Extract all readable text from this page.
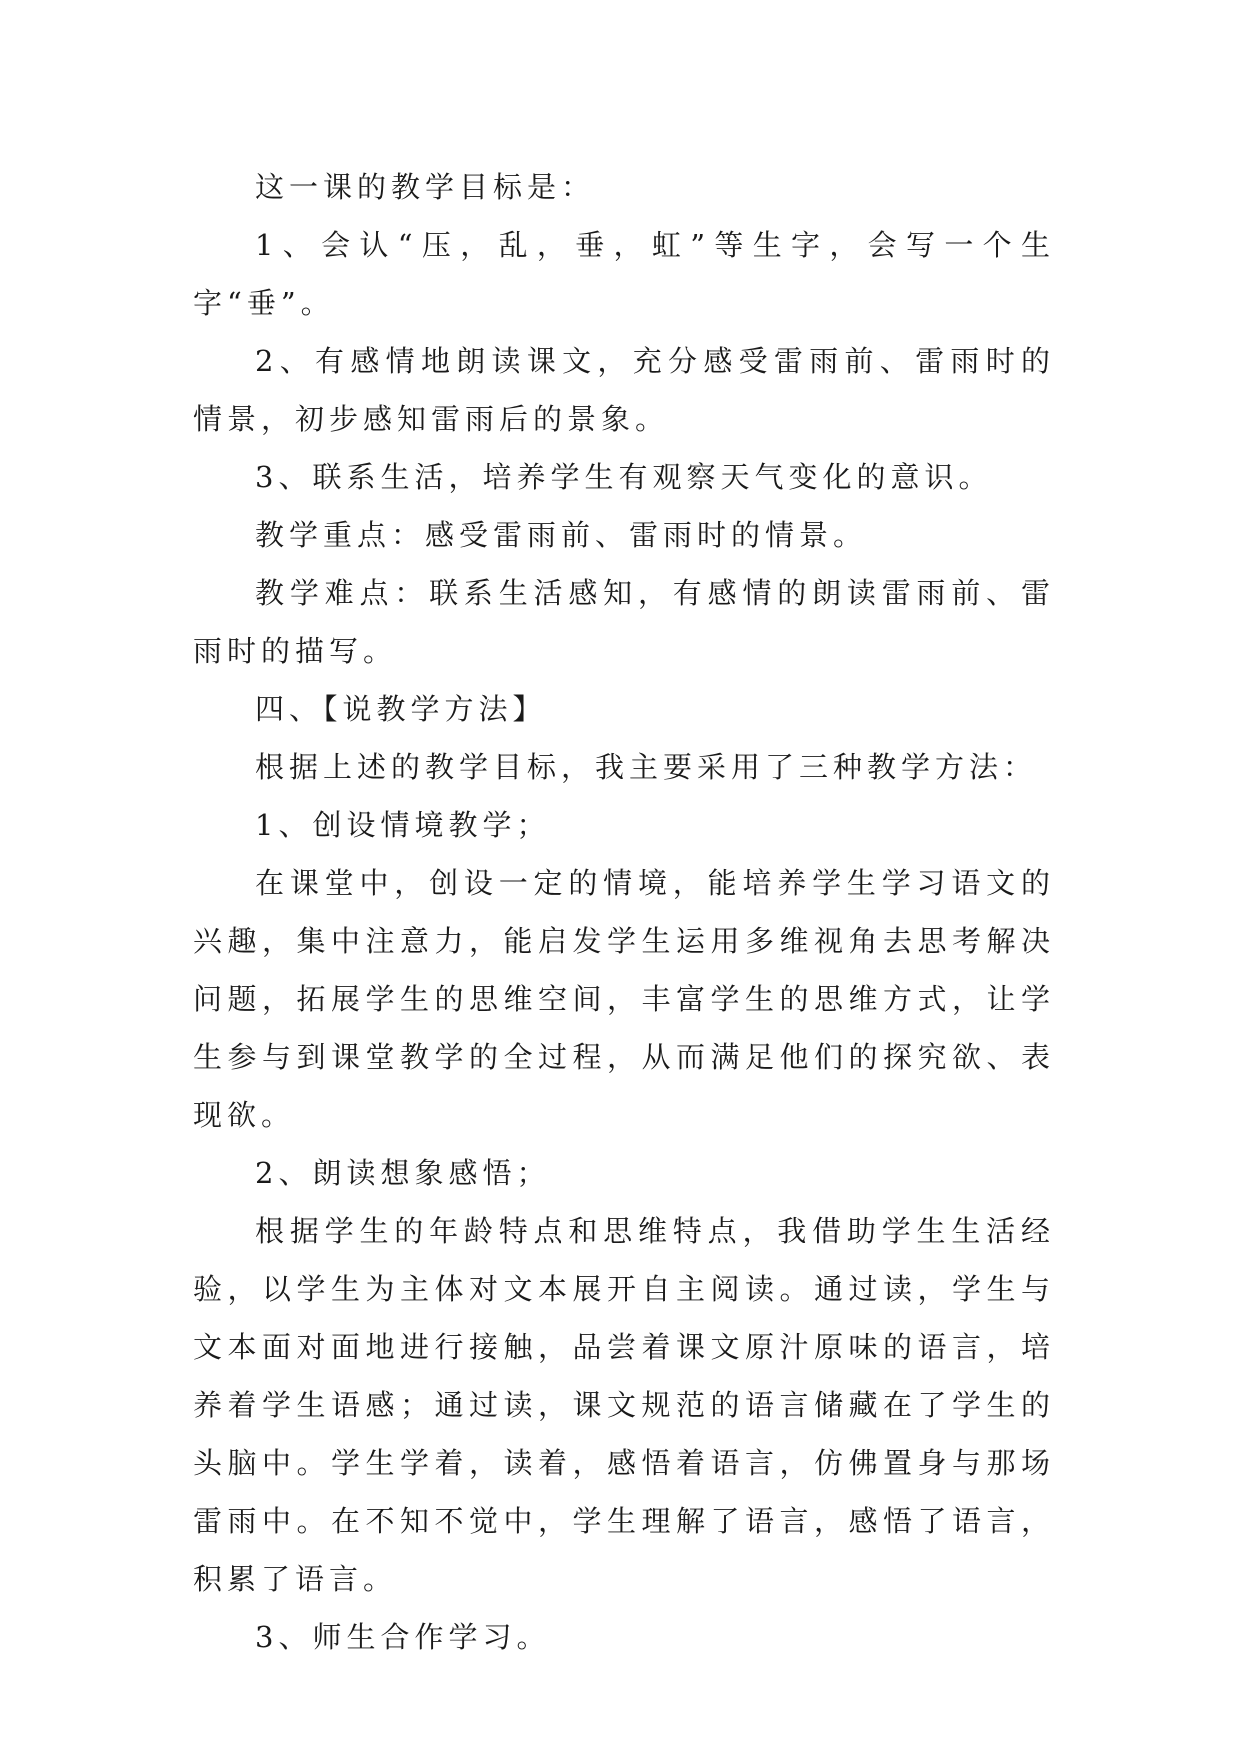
这一课的教学目标是：

1、会认“压，乱，垂，虹”等生字，会写一个生字“垂”。

2、有感情地朗读课文，充分感受雷雨前、雷雨时的情景，初步感知雷雨后的景象。

3、联系生活，培养学生有观察天气变化的意识。

教学重点：感受雷雨前、雷雨时的情景。

教学难点：联系生活感知，有感情的朗读雷雨前、雷雨时的描写。

四、【说教学方法】

根据上述的教学目标，我主要采用了三种教学方法：

1、创设情境教学；

在课堂中，创设一定的情境，能培养学生学习语文的兴趣，集中注意力，能启发学生运用多维视角去思考解决问题，拓展学生的思维空间，丰富学生的思维方式，让学生参与到课堂教学的全过程，从而满足他们的探究欲、表现欲。

2、朗读想象感悟；

根据学生的年龄特点和思维特点，我借助学生生活经验，以学生为主体对文本展开自主阅读。通过读，学生与文本面对面地进行接触，品尝着课文原汁原味的语言，培养着学生语感；通过读，课文规范的语言储藏在了学生的头脑中。学生学着，读着，感悟着语言，仿佛置身与那场雷雨中。在不知不觉中，学生理解了语言，感悟了语言，积累了语言。

3、师生合作学习。
